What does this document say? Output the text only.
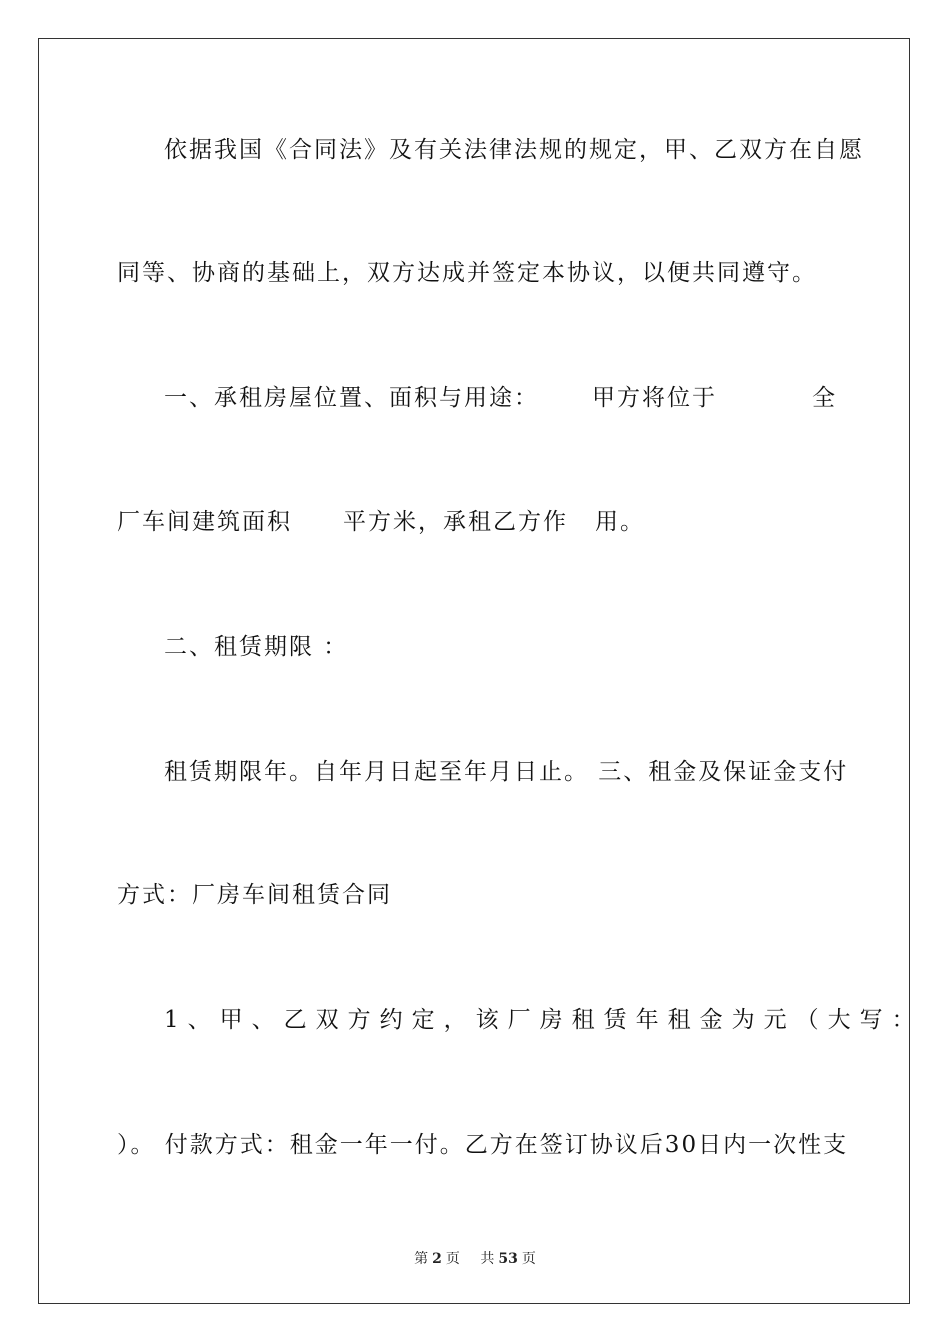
依据我国《合同法》及有关法律法规的规定，甲、乙双方在自愿
同等、协商的基础上，双方达成并签定本协议，以便共同遵守。
一、承租房屋位置、面积与用途： 甲方将位于	全
厂车间建筑面积 平方米，承租乙方作 用。
二、租赁期限 ：
租赁期限年。自年月日起至年月日止。 三、租金及保证金支付
方式：厂房车间租赁合同
1、甲、乙双方约定，该厂房租赁年租金为元（大写：
）。 付款方式：租金一年一付。乙方在签订协议后30日内一次性支
第 2 页 共 53 页
